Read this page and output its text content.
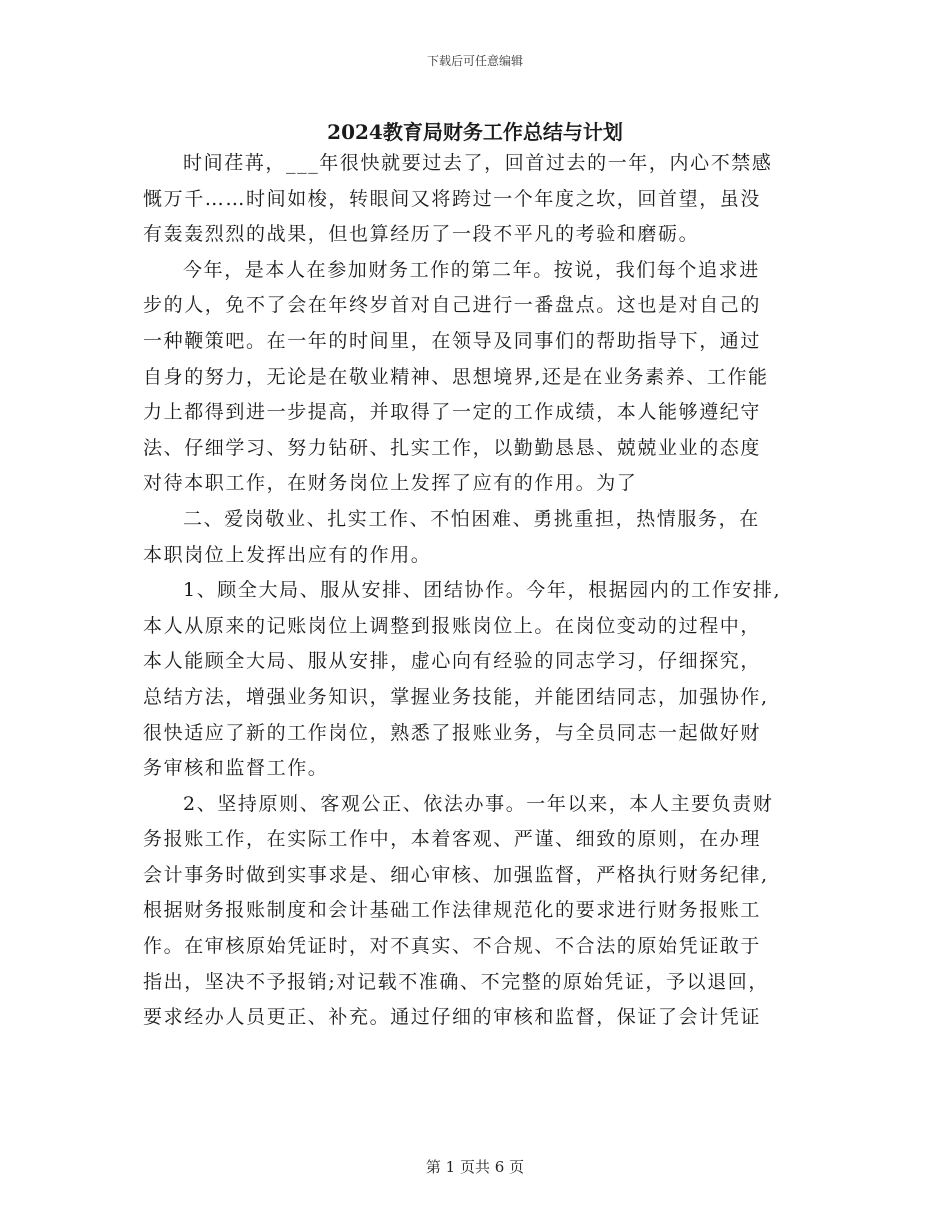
下载后可任意编辑
2024教育局财务工作总结与计划

时间荏苒，___年很快就要过去了，回首过去的一年，内心不禁感
慨万千……时间如梭，转眼间又将跨过一个年度之坎，回首望，虽没
有轰轰烈烈的战果，但也算经历了一段不平凡的考验和磨砺。

今年，是本人在参加财务工作的第二年。按说，我们每个追求进
步的人，免不了会在年终岁首对自己进行一番盘点。这也是对自己的
一种鞭策吧。在一年的时间里，在领导及同事们的帮助指导下，通过
自身的努力，无论是在敬业精神、思想境界,还是在业务素养、工作能
力上都得到进一步提高，并取得了一定的工作成绩，本人能够遵纪守
法、仔细学习、努力钻研、扎实工作，以勤勤恳恳、兢兢业业的态度
对待本职工作，在财务岗位上发挥了应有的作用。为了

二、爱岗敬业、扎实工作、不怕困难、勇挑重担，热情服务，在
本职岗位上发挥出应有的作用。

1、顾全大局、服从安排、团结协作。今年，根据园内的工作安排,
本人从原来的记账岗位上调整到报账岗位上。在岗位变动的过程中，
本人能顾全大局、服从安排，虚心向有经验的同志学习，仔细探究，
总结方法，增强业务知识，掌握业务技能，并能团结同志，加强协作,
很快适应了新的工作岗位，熟悉了报账业务，与全员同志一起做好财
务审核和监督工作。

2、坚持原则、客观公正、依法办事。一年以来，本人主要负责财
务报账工作，在实际工作中，本着客观、严谨、细致的原则，在办理
会计事务时做到实事求是、细心审核、加强监督，严格执行财务纪律,
根据财务报账制度和会计基础工作法律规范化的要求进行财务报账工
作。在审核原始凭证时，对不真实、不合规、不合法的原始凭证敢于
指出，坚决不予报销;对记载不准确、不完整的原始凭证，予以退回，
要求经办人员更正、补充。通过仔细的审核和监督，保证了会计凭证

第 1 页共 6 页
